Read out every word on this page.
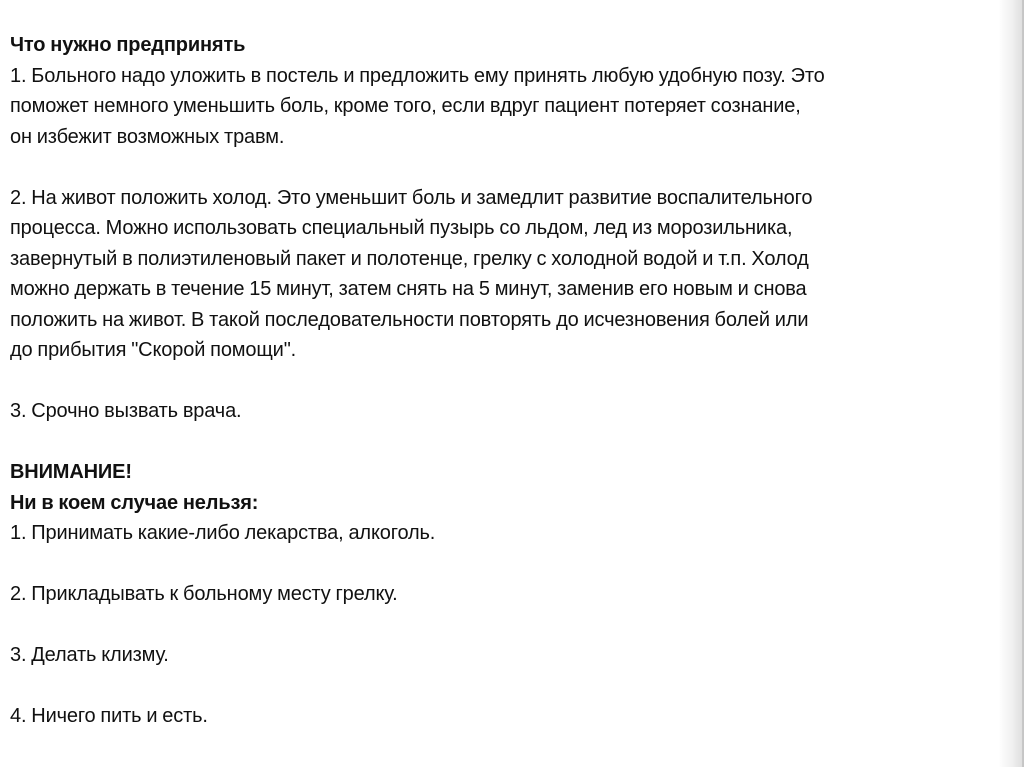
Что нужно предпринять
1. Больного надо уложить в постель и предложить ему принять любую удобную позу. Это
поможет немного уменьшить боль, кроме того, если вдруг пациент потеряет сознание,
он избежит возможных травм.
2. На живот положить холод. Это уменьшит боль и замедлит развитие воспалительного
процесса. Можно использовать специальный пузырь со льдом, лед из морозильника,
завернутый в полиэтиленовый пакет и полотенце, грелку с холодной водой и т.п. Холод
можно держать в течение 15 минут, затем снять на 5 минут, заменив его новым и снова
положить на живот. В такой последовательности повторять до исчезновения болей или
до прибытия "Скорой помощи".
3. Срочно вызвать врача.
ВНИМАНИЕ!
Ни в коем случае нельзя:
1. Принимать какие-либо лекарства, алкоголь.
2. Прикладывать к больному месту грелку.
3. Делать клизму.
4. Ничего пить и есть.
